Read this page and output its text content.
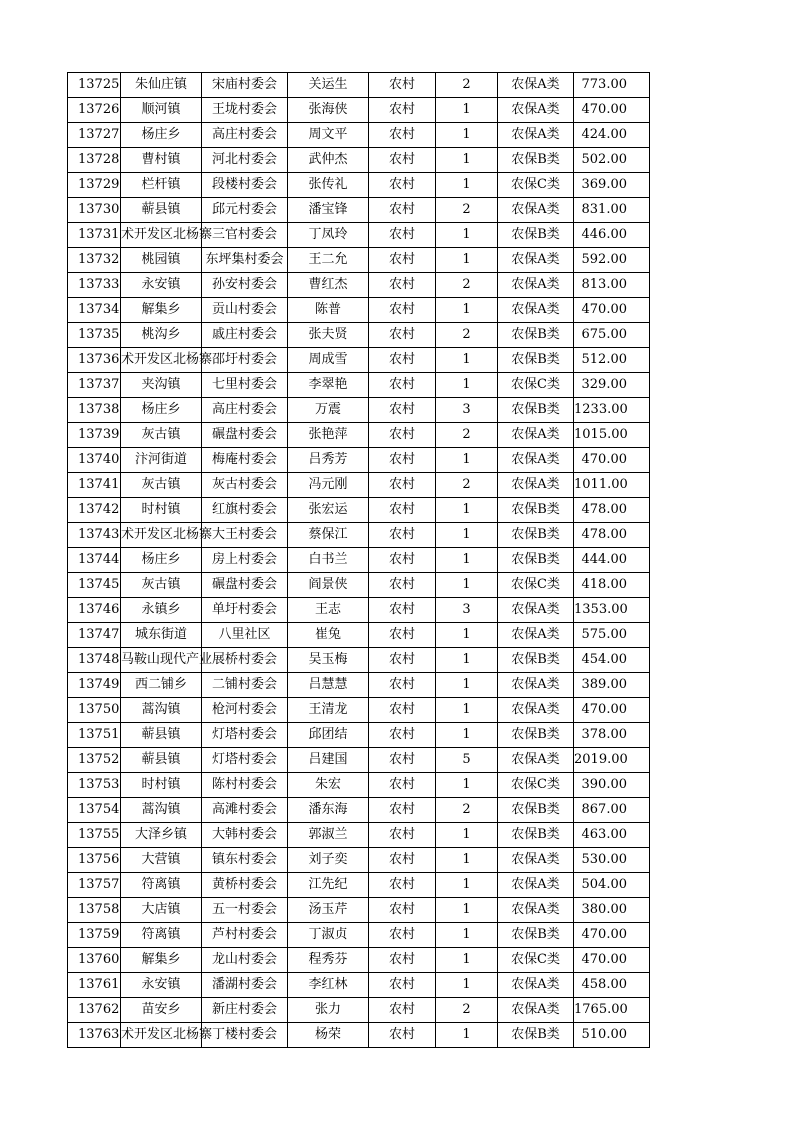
13725	朱仙庄镇	宋庙村委会	关运生	农村	2	农保A类	773.00
13726	顺河镇	王垅村委会	张海侠	农村	1	农保A类	470.00
13727	杨庄乡	高庄村委会	周文平	农村	1	农保A类	424.00
13728	曹村镇	河北村委会	武仲杰	农村	1	农保B类	502.00
13729	栏杆镇	段楼村委会	张传礼	农村	1	农保C类	369.00
13730	蕲县镇	邱元村委会	潘宝锋	农村	2	农保A类	831.00
13731	术开发区北杨寨	三官村委会	丁凤玲	农村	1	农保B类	446.00
13732	桃园镇	东坪集村委会	王二允	农村	1	农保A类	592.00
13733	永安镇	孙安村委会	曹红杰	农村	2	农保A类	813.00
13734	解集乡	贡山村委会	陈普	农村	1	农保A类	470.00
13735	桃沟乡	戚庄村委会	张夫贤	农村	2	农保B类	675.00
13736	术开发区北杨寨	邵圩村委会	周成雪	农村	1	农保B类	512.00
13737	夹沟镇	七里村委会	李翠艳	农村	1	农保C类	329.00
13738	杨庄乡	高庄村委会	万震	农村	3	农保B类	1233.00
13739	灰古镇	碾盘村委会	张艳萍	农村	2	农保A类	1015.00
13740	汴河街道	梅庵村委会	吕秀芳	农村	1	农保A类	470.00
13741	灰古镇	灰古村委会	冯元刚	农村	2	农保A类	1011.00
13742	时村镇	红旗村委会	张宏运	农村	1	农保B类	478.00
13743	术开发区北杨寨	大王村委会	蔡保江	农村	1	农保B类	478.00
13744	杨庄乡	房上村委会	白书兰	农村	1	农保B类	444.00
13745	灰古镇	碾盘村委会	阎景侠	农村	1	农保C类	418.00
13746	永镇乡	单圩村委会	王志	农村	3	农保A类	1353.00
13747	城东街道	八里社区	崔兔	农村	1	农保A类	575.00
13748	马鞍山现代产业	展桥村委会	吴玉梅	农村	1	农保B类	454.00
13749	西二铺乡	二铺村委会	吕慧慧	农村	1	农保A类	389.00
13750	蒿沟镇	枪河村委会	王清龙	农村	1	农保A类	470.00
13751	蕲县镇	灯塔村委会	邱团结	农村	1	农保B类	378.00
13752	蕲县镇	灯塔村委会	吕建国	农村	5	农保A类	2019.00
13753	时村镇	陈村村委会	朱宏	农村	1	农保C类	390.00
13754	蒿沟镇	高滩村委会	潘东海	农村	2	农保B类	867.00
13755	大泽乡镇	大韩村委会	郭淑兰	农村	1	农保B类	463.00
13756	大营镇	镇东村委会	刘子奕	农村	1	农保A类	530.00
13757	符离镇	黄桥村委会	江先纪	农村	1	农保A类	504.00
13758	大店镇	五一村委会	汤玉芹	农村	1	农保A类	380.00
13759	符离镇	芦村村委会	丁淑贞	农村	1	农保B类	470.00
13760	解集乡	龙山村委会	程秀芬	农村	1	农保C类	470.00
13761	永安镇	潘湖村委会	李红林	农村	1	农保A类	458.00
13762	苗安乡	新庄村委会	张力	农村	2	农保A类	1765.00
13763	术开发区北杨寨	丁楼村委会	杨荣	农村	1	农保B类	510.00
